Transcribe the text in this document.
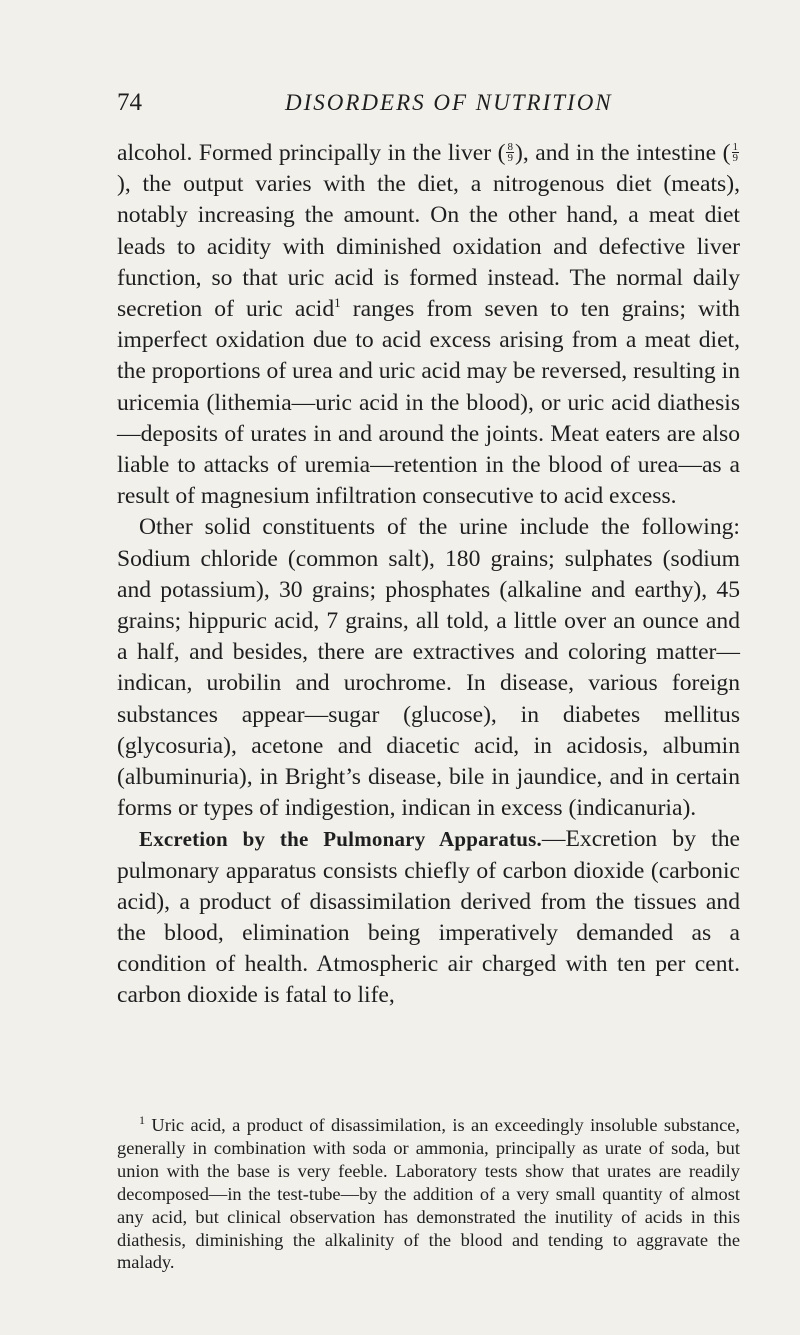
74	DISORDERS OF NUTRITION

alcohol. Formed principally in the liver ( $\frac{8}{9}$ ), and in the intestine ( $\frac{1}{9}$
), the output varies with the diet, a nitrogenous diet (meats), notably increasing the amount. On the other hand, a meat diet leads to acidity with diminished oxidation and defective liver function, so that uric acid is formed instead. The normal daily secretion of uric acid$^1$ ranges from seven to ten grains; with imperfect oxidation due to acid excess arising from a meat diet, the proportions of urea and uric acid may be reversed, resulting in uricemia (lithemia—uric acid in the blood), or uric acid diathesis—deposits of urates in and around the joints. Meat eaters are also liable to attacks of uremia—retention in the blood of urea—as a result of magnesium infiltration consecutive to acid excess.

Other solid constituents of the urine include the following: Sodium chloride (common salt), 180 grains; sulphates (sodium and potassium), 30 grains; phosphates (alkaline and earthy), 45 grains; hippuric acid, 7 grains, all told, a little over an ounce and a half, and besides, there are extractives and coloring matter—indican, urobilin and urochrome. In disease, various foreign substances appear—sugar (glucose), in diabetes mellitus (glycosuria), acetone and diacetic acid, in acidosis, albumin (albuminuria), in Bright’s disease, bile in jaundice, and in certain forms or types of indigestion, indican in excess (indicanuria).

Excretion by the Pulmonary Apparatus.—Excretion by the pulmonary apparatus consists chiefly of carbon dioxide (carbonic acid), a product of disassimilation derived from the tissues and the blood, elimination being imperatively demanded as a condition of health. Atmospheric air charged with ten per cent. carbon dioxide is fatal to life,

$^1$ Uric acid, a product of disassimilation, is an exceedingly insoluble substance, generally in combination with soda or ammonia, principally as urate of soda, but union with the base is very feeble. Laboratory tests show that urates are readily decomposed—in the test-tube—by the addition of a very small quantity of almost any acid, but clinical observation has demonstrated the inutility of acids in this diathesis, diminishing the alkalinity of the blood and tending to aggravate the malady.
